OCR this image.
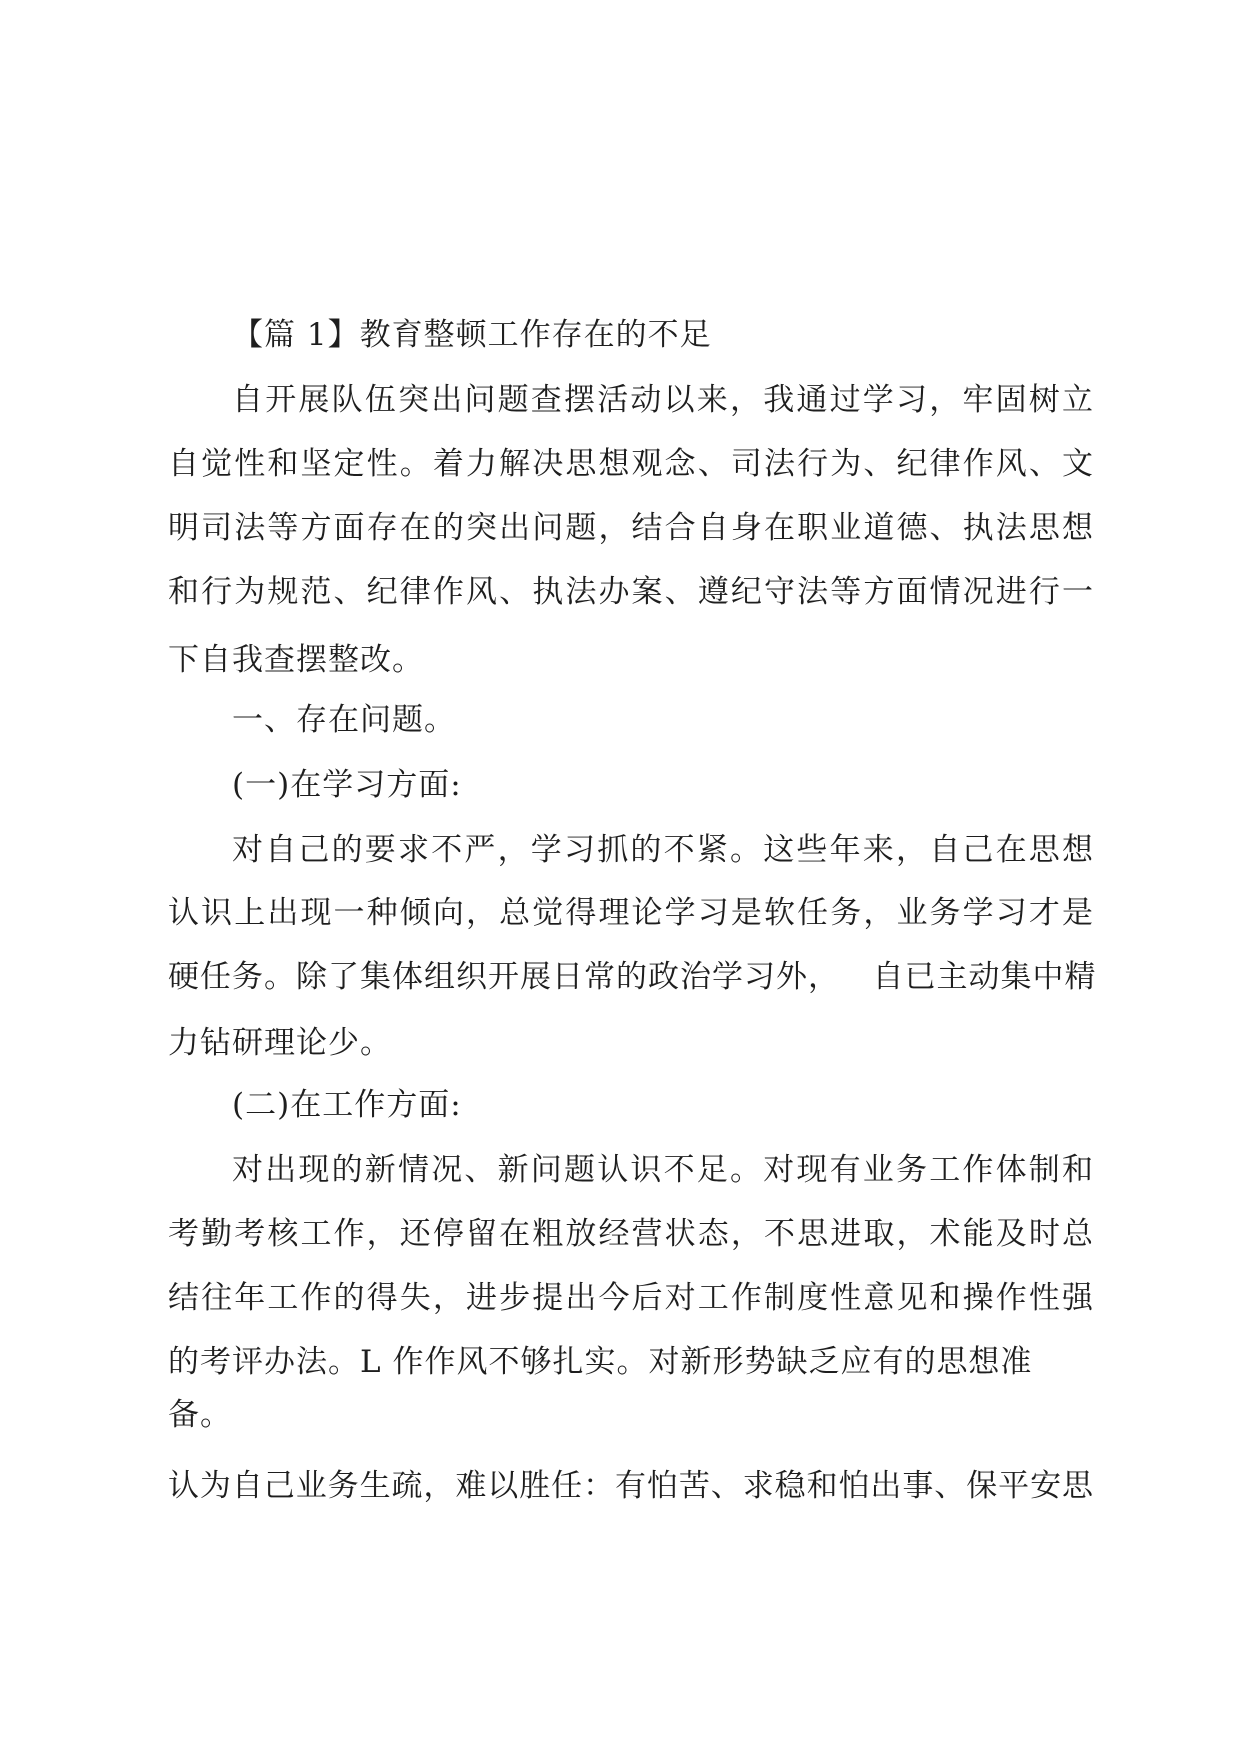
【篇 1】教育整顿工作存在的不足
自开展队伍突出问题查摆活动以来，我通过学习，牢固树立
自觉性和坚定性。着力解决思想观念、司法行为、纪律作风、文
明司法等方面存在的突出问题，结合自身在职业道德、执法思想
和行为规范、纪律作风、执法办案、遵纪守法等方面情况进行一
下自我查摆整改。
一、存在问题。
(一)在学习方面:
对自己的要求不严，学习抓的不紧。这些年来，自己在思想
认识上出现一种倾向，总觉得理论学习是软任务，业务学习才是
硬任务。除了集体组织开展日常的政治学习外，   自已主动集中精
力钻研理论少。
(二)在工作方面:
对出现的新情况、新问题认识不足。对现有业务工作体制和
考勤考核工作，还停留在粗放经营状态，不思进取，术能及时总
结往年工作的得失，进步提出今后对工作制度性意见和操作性强
的考评办法。L 作作风不够扎实。对新形势缺乏应有的思想准
备。
认为自己业务生疏，难以胜任：有怕苦、求稳和怕出事、保平安思
